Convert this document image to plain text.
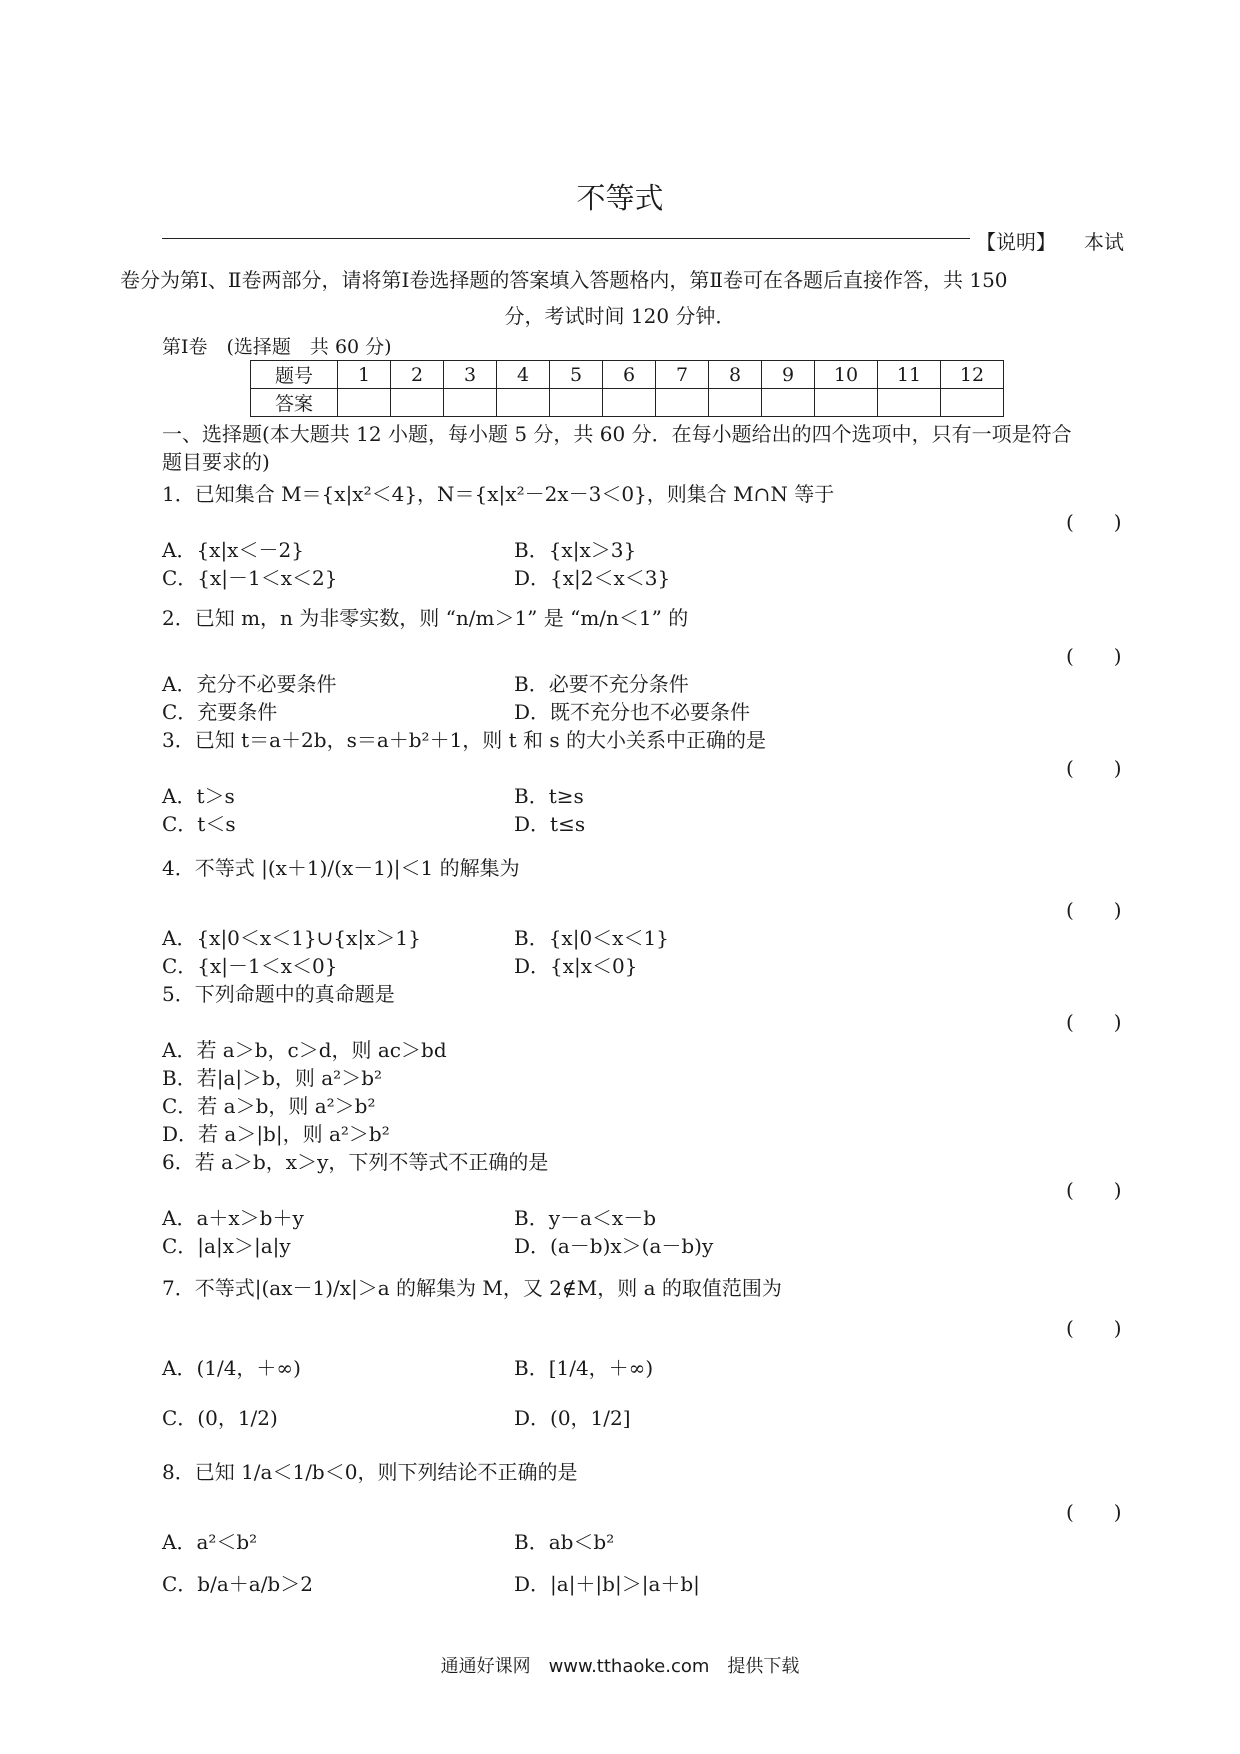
不等式
【说明】 本试
卷分为第Ⅰ、Ⅱ卷两部分，请将第Ⅰ卷选择题的答案填入答题格内，第Ⅱ卷可在各题后直接作答，共 150
分，考试时间 120 分钟．
第Ⅰ卷　(选择题　共 60 分)
题号	1	2	3	4	5	6	7	8	9	10	11	12
答案												
一、选择题(本大题共 12 小题，每小题 5 分，共 60 分．在每小题给出的四个选项中，只有一项是符合
题目要求的)
1．已知集合 M＝{x|x²＜4}，N＝{x|x²－2x－3＜0}，则集合 M∩N 等于
(　　)
A．{x|x＜－2}	B．{x|x＞3}
C．{x|－1＜x＜2}	D．{x|2＜x＜3}
2．已知 m，n 为非零实数，则 “n/m＞1” 是 “m/n＜1” 的
(　　)
A．充分不必要条件	B．必要不充分条件
C．充要条件	D．既不充分也不必要条件
3．已知 t＝a＋2b，s＝a＋b²＋1，则 t 和 s 的大小关系中正确的是
(　　)
A．t＞s	B．t≥s
C．t＜s	D．t≤s
4．不等式 |(x＋1)/(x－1)|＜1 的解集为
(　　)
A．{x|0＜x＜1}∪{x|x＞1}	B．{x|0＜x＜1}
C．{x|－1＜x＜0}	D．{x|x＜0}
5．下列命题中的真命题是
(　　)
A．若 a＞b，c＞d，则 ac＞bd
B．若|a|＞b，则 a²＞b²
C．若 a＞b，则 a²＞b²
D．若 a＞|b|，则 a²＞b²
6．若 a＞b，x＞y，下列不等式不正确的是
(　　)
A．a＋x＞b＋y	B．y－a＜x－b
C．|a|x＞|a|y	D．(a－b)x＞(a－b)y
7．不等式|(ax－1)/x|＞a 的解集为 M，又 2∉M，则 a 的取值范围为
(　　)
A．(1/4，＋∞)	B．[1/4，＋∞)
C．(0，1/2)	D．(0，1/2]
8．已知 1/a＜1/b＜0，则下列结论不正确的是
(　　)
A．a²＜b²	B．ab＜b²
C．b/a＋a/b＞2	D．|a|＋|b|＞|a＋b|
通通好课网　www.tthaoke.com　提供下载
